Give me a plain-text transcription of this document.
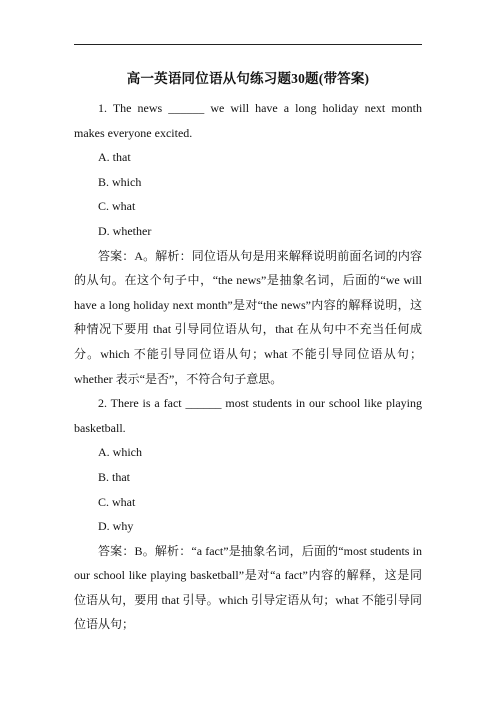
高一英语同位语从句练习题30题(带答案)

1. The news ______ we will have a long holiday next month makes everyone excited.

A. that

B. which

C. what

D. whether

答案：A。解析：同位语从句是用来解释说明前面名词的内容的从句。在这个句子中，“the news”是抽象名词，后面的“we will have a long holiday next month”是对“the news”内容的解释说明，这种情况下要用 that 引导同位语从句，that 在从句中不充当任何成分。which 不能引导同位语从句；what 不能引导同位语从句；whether 表示“是否”，不符合句子意思。

2. There is a fact ______ most students in our school like playing basketball.

A. which

B. that

C. what

D. why

答案：B。解析：“a fact”是抽象名词，后面的“most students in our school like playing basketball”是对“a fact”内容的解释，这是同位语从句，要用 that 引导。which 引导定语从句；what 不能引导同位语从句；
